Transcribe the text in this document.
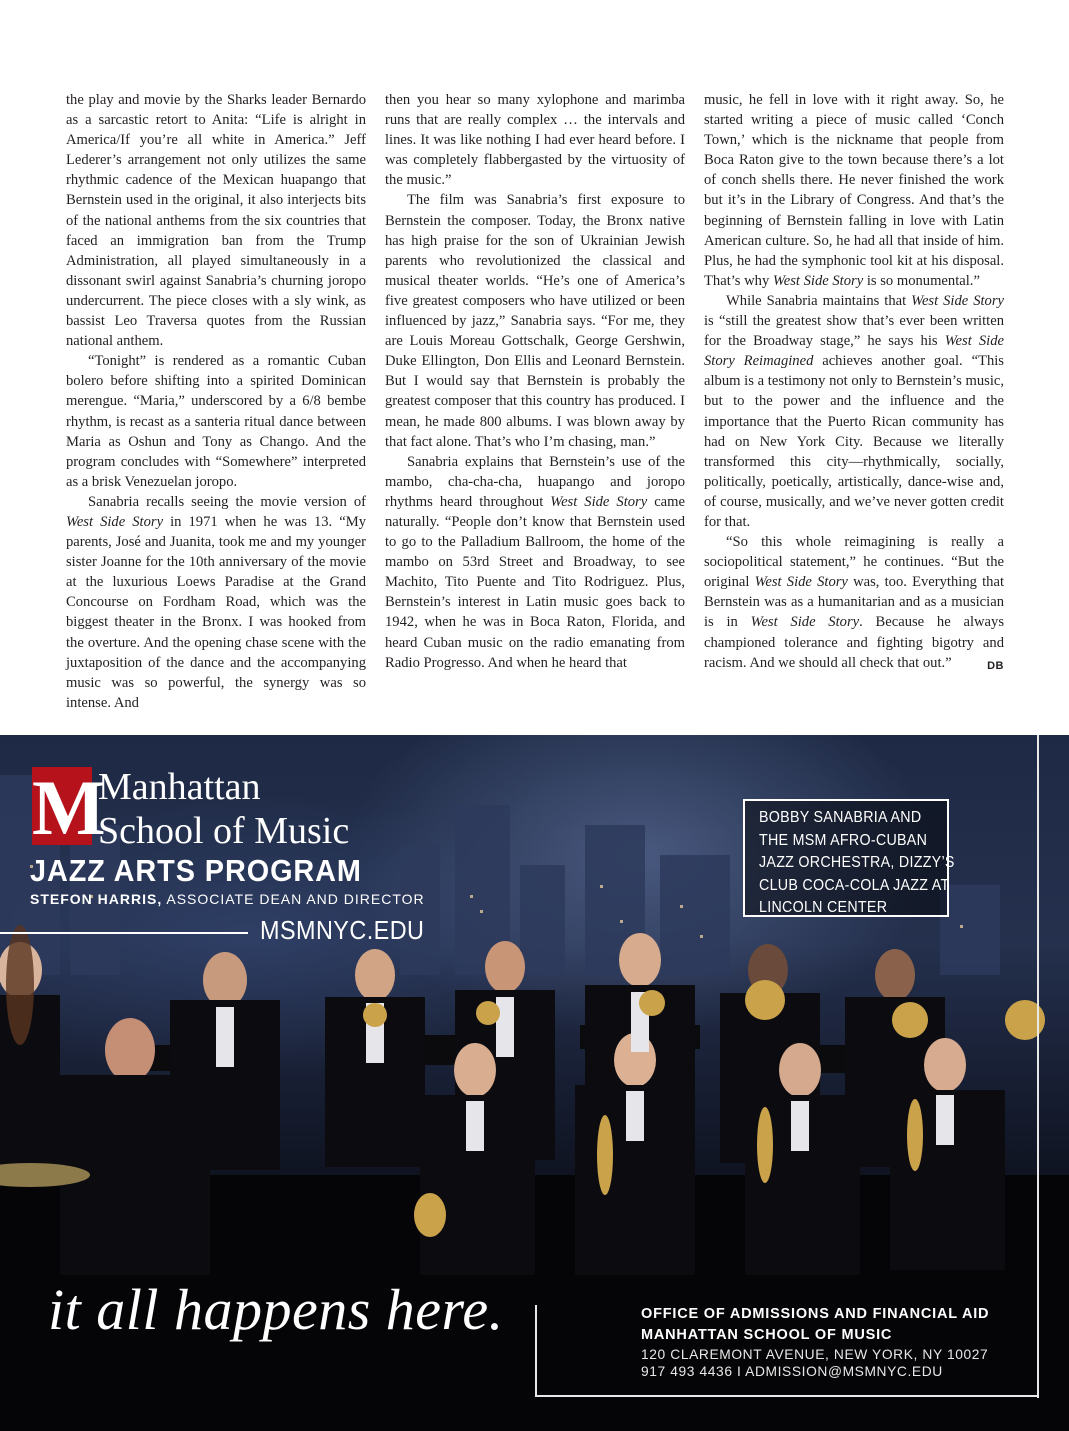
the play and movie by the Sharks leader Bernardo as a sarcastic retort to Anita: “Life is alright in America/If you’re all white in America.” Jeff Lederer’s arrangement not only utilizes the same rhythmic cadence of the Mexican huapango that Bernstein used in the original, it also interjects bits of the national anthems from the six countries that faced an immigration ban from the Trump Administration, all played simultaneously in a dissonant swirl against Sanabria’s churning joropo undercurrent. The piece closes with a sly wink, as bassist Leo Traversa quotes from the Russian national anthem.

“Tonight” is rendered as a romantic Cuban bolero before shifting into a spirited Dominican merengue. “Maria,” underscored by a 6/8 bembe rhythm, is recast as a santeria ritual dance between Maria as Oshun and Tony as Chango. And the program concludes with “Somewhere” interpreted as a brisk Venezuelan joropo.

Sanabria recalls seeing the movie version of West Side Story in 1971 when he was 13. “My parents, José and Juanita, took me and my younger sister Joanne for the 10th anniversary of the movie at the luxurious Loews Paradise at the Grand Concourse on Fordham Road, which was the biggest theater in the Bronx. I was hooked from the overture. And the opening chase scene with the juxtaposition of the dance and the accompanying music was so powerful, the synergy was so intense. And

then you hear so many xylophone and marimba runs that are really complex … the intervals and lines. It was like nothing I had ever heard before. I was completely flabbergasted by the virtuosity of the music.”

The film was Sanabria’s first exposure to Bernstein the composer. Today, the Bronx native has high praise for the son of Ukrainian Jewish parents who revolutionized the classical and musical theater worlds. “He’s one of America’s five greatest composers who have utilized or been influenced by jazz,” Sanabria says. “For me, they are Louis Moreau Gottschalk, George Gershwin, Duke Ellington, Don Ellis and Leonard Bernstein. But I would say that Bernstein is probably the greatest composer that this country has produced. I mean, he made 800 albums. I was blown away by that fact alone. That’s who I’m chasing, man.”

Sanabria explains that Bernstein’s use of the mambo, cha-cha-cha, huapango and joropo rhythms heard throughout West Side Story came naturally. “People don’t know that Bernstein used to go to the Palladium Ballroom, the home of the mambo on 53rd Street and Broadway, to see Machito, Tito Puente and Tito Rodriguez. Plus, Bernstein’s interest in Latin music goes back to 1942, when he was in Boca Raton, Florida, and heard Cuban music on the radio emanating from Radio Progresso. And when he heard that

music, he fell in love with it right away. So, he started writing a piece of music called ‘Conch Town,’ which is the nickname that people from Boca Raton give to the town because there’s a lot of conch shells there. He never finished the work but it’s in the Library of Congress. And that’s the beginning of Bernstein falling in love with Latin American culture. So, he had all that inside of him. Plus, he had the symphonic tool kit at his disposal. That’s why West Side Story is so monumental.”

While Sanabria maintains that West Side Story is “still the greatest show that’s ever been written for the Broadway stage,” he says his West Side Story Reimagined achieves another goal. “This album is a testimony not only to Bernstein’s music, but to the power and the influence and the importance that the Puerto Rican community has had on New York City. Because we literally transformed this city—rhythmically, socially, politically, poetically, artistically, dance-wise and, of course, musically, and we’ve never gotten credit for that.

“So this whole reimagining is really a sociopolitical statement,” he continues. “But the original West Side Story was, too. Everything that Bernstein was as a humanitarian and as a musician is in West Side Story. Because he always championed tolerance and fighting bigotry and racism. And we should all check that out.”	DB

M
Manhattan
School of Music
JAZZ ARTS PROGRAM
STEFON HARRIS, ASSOCIATE DEAN AND DIRECTOR
MSMNYC.EDU
BOBBY SANABRIA AND
THE MSM AFRO-CUBAN
JAZZ ORCHESTRA, DIZZY’S
CLUB COCA-COLA JAZZ AT
LINCOLN CENTER
it all happens here.	OFFICE OF ADMISSIONS AND FINANCIAL AID
MANHATTAN SCHOOL OF MUSIC
120 CLAREMONT AVENUE, NEW YORK, NY 10027
917 493 4436 I ADMISSION@MSMNYC.EDU
